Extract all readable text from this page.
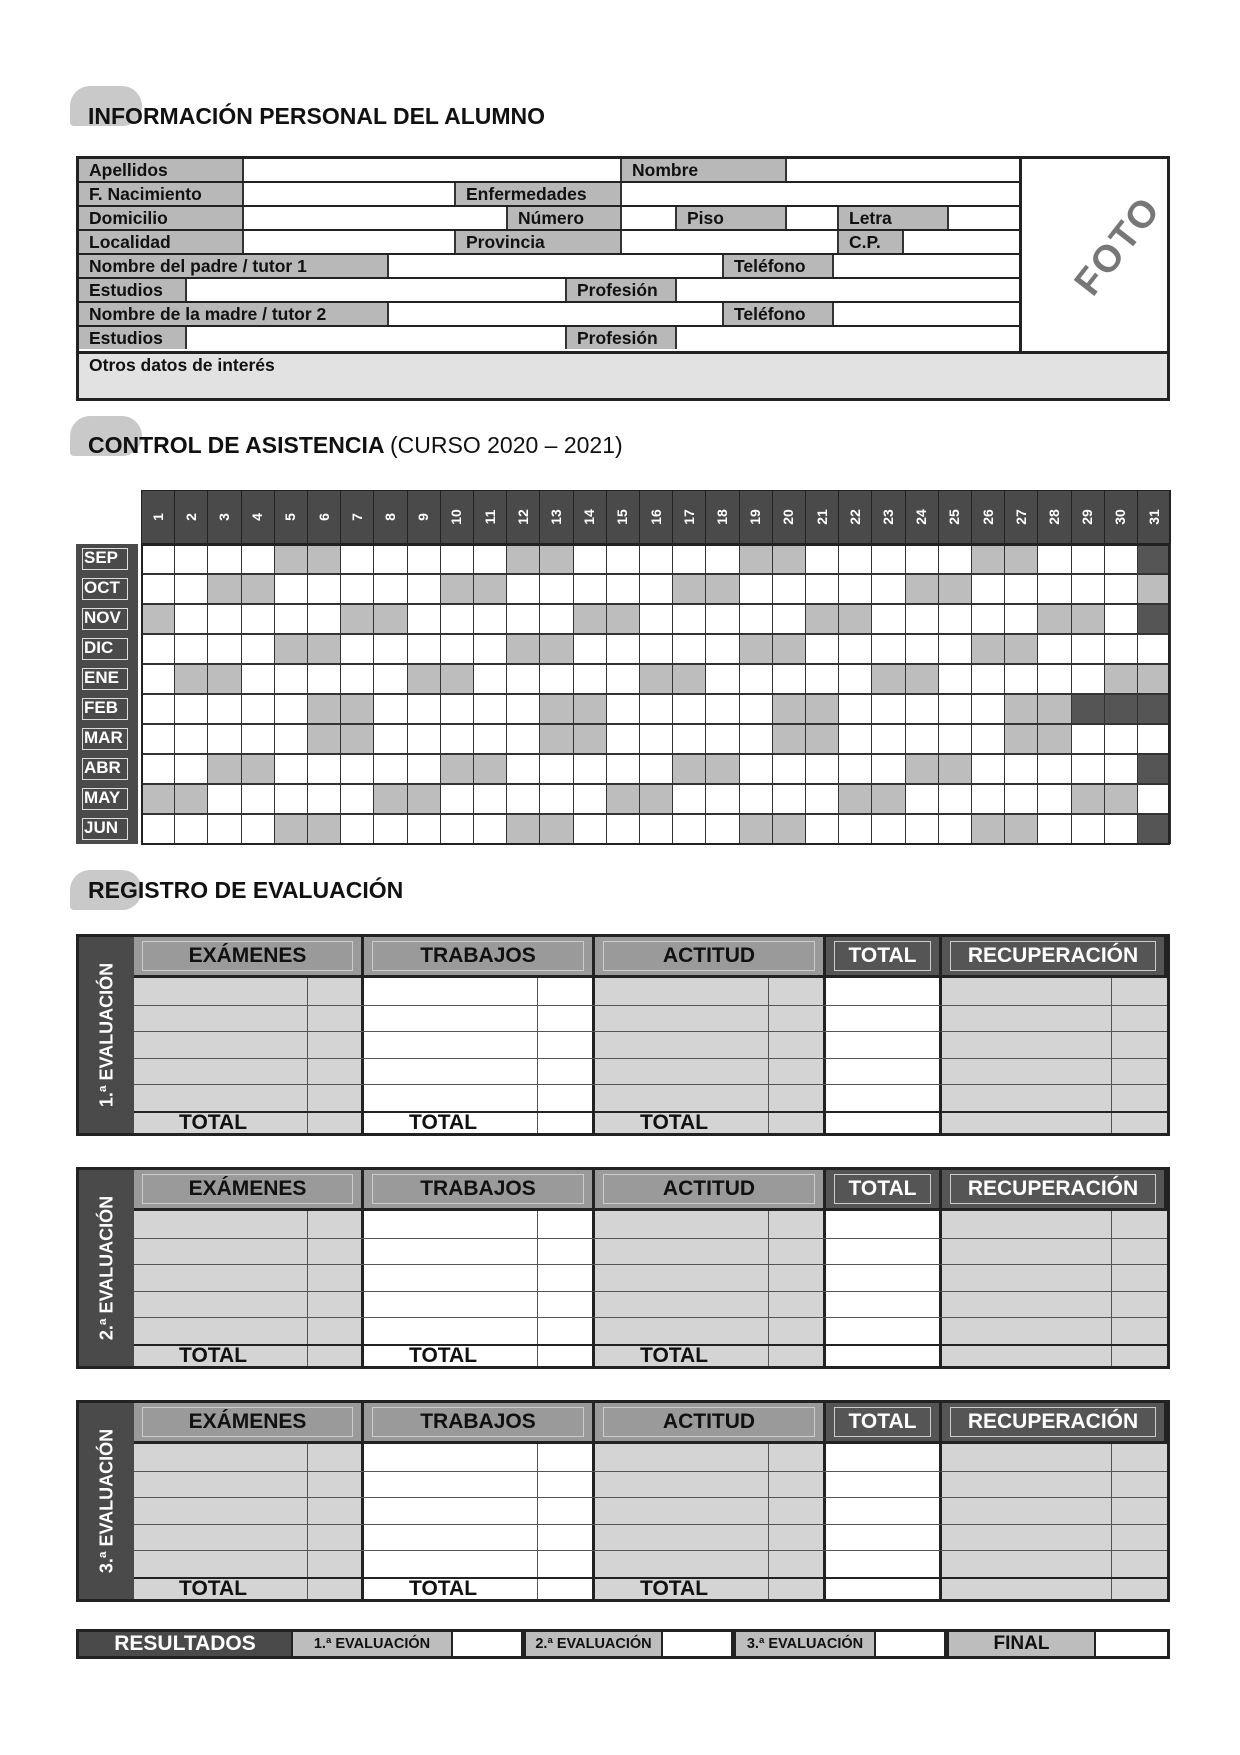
INFORMACIÓN PERSONAL DEL ALUMNO
Apellidos	Nombre
F. Nacimiento	Enfermedades
Domicilio	Número	Piso	Letra
Localidad	Provincia	C.P.
Nombre del padre / tutor 1	Teléfono
Estudios	Profesión
Nombre de la madre / tutor 2	Teléfono
Estudios	Profesión
Otros datos de interés
FOTO
CONTROL DE ASISTENCIA (CURSO 2020 – 2021)
1 2 3 4 5 6 7 8 9 10 11 12 13 14 15 16 17 18 19 20 21 22 23 24 25 26 27 28 29 30 31
SEP
OCT
NOV
DIC
ENE
FEB
MAR
ABR
MAY
JUN
REGISTRO DE EVALUACIÓN
1.ª EVALUACIÓN
EXÁMENES	TRABAJOS	ACTITUD	TOTAL	RECUPERACIÓN
TOTAL	TOTAL	TOTAL
2.ª EVALUACIÓN
EXÁMENES	TRABAJOS	ACTITUD	TOTAL	RECUPERACIÓN
TOTAL	TOTAL	TOTAL
3.ª EVALUACIÓN
EXÁMENES	TRABAJOS	ACTITUD	TOTAL	RECUPERACIÓN
TOTAL	TOTAL	TOTAL
RESULTADOS	1.ª EVALUACIÓN	2.ª EVALUACIÓN	3.ª EVALUACIÓN	FINAL
